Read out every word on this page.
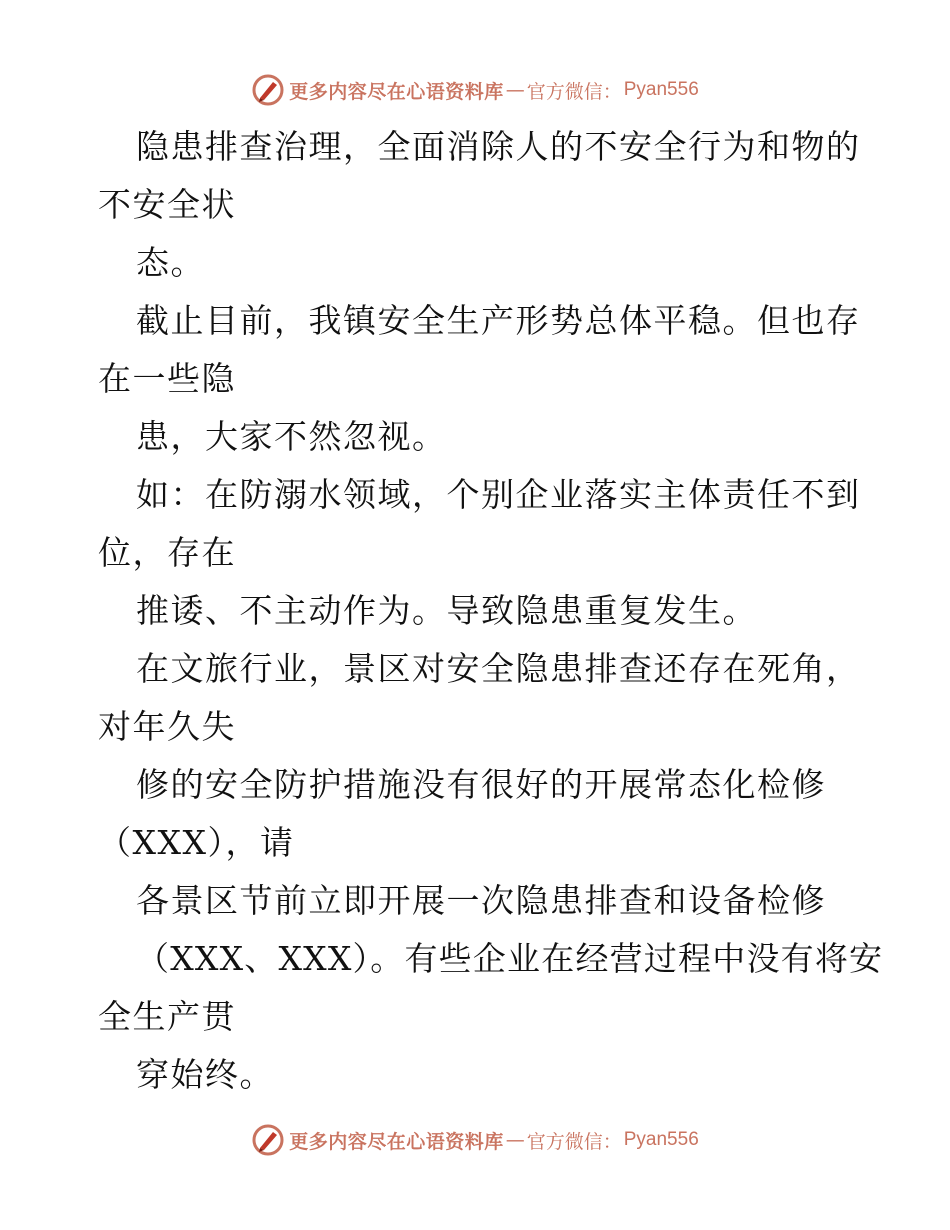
更多内容尽在心语资料库 — 官方微信： Pyan556
隐患排查治理，全面消除人的不安全行为和物的
不安全状
态。
截止目前，我镇安全生产形势总体平稳。但也存
在一些隐
患，大家不然忽视。
如：在防溺水领域，个别企业落实主体责任不到
位，存在
推诿、不主动作为。导致隐患重复发生。
在文旅行业，景区对安全隐患排查还存在死角，
对年久失
修的安全防护措施没有很好的开展常态化检修
（XXX），请
各景区节前立即开展一次隐患排查和设备检修
（XXX、XXX）。有些企业在经营过程中没有将安
全生产贯
穿始终。
更多内容尽在心语资料库 — 官方微信： Pyan556
